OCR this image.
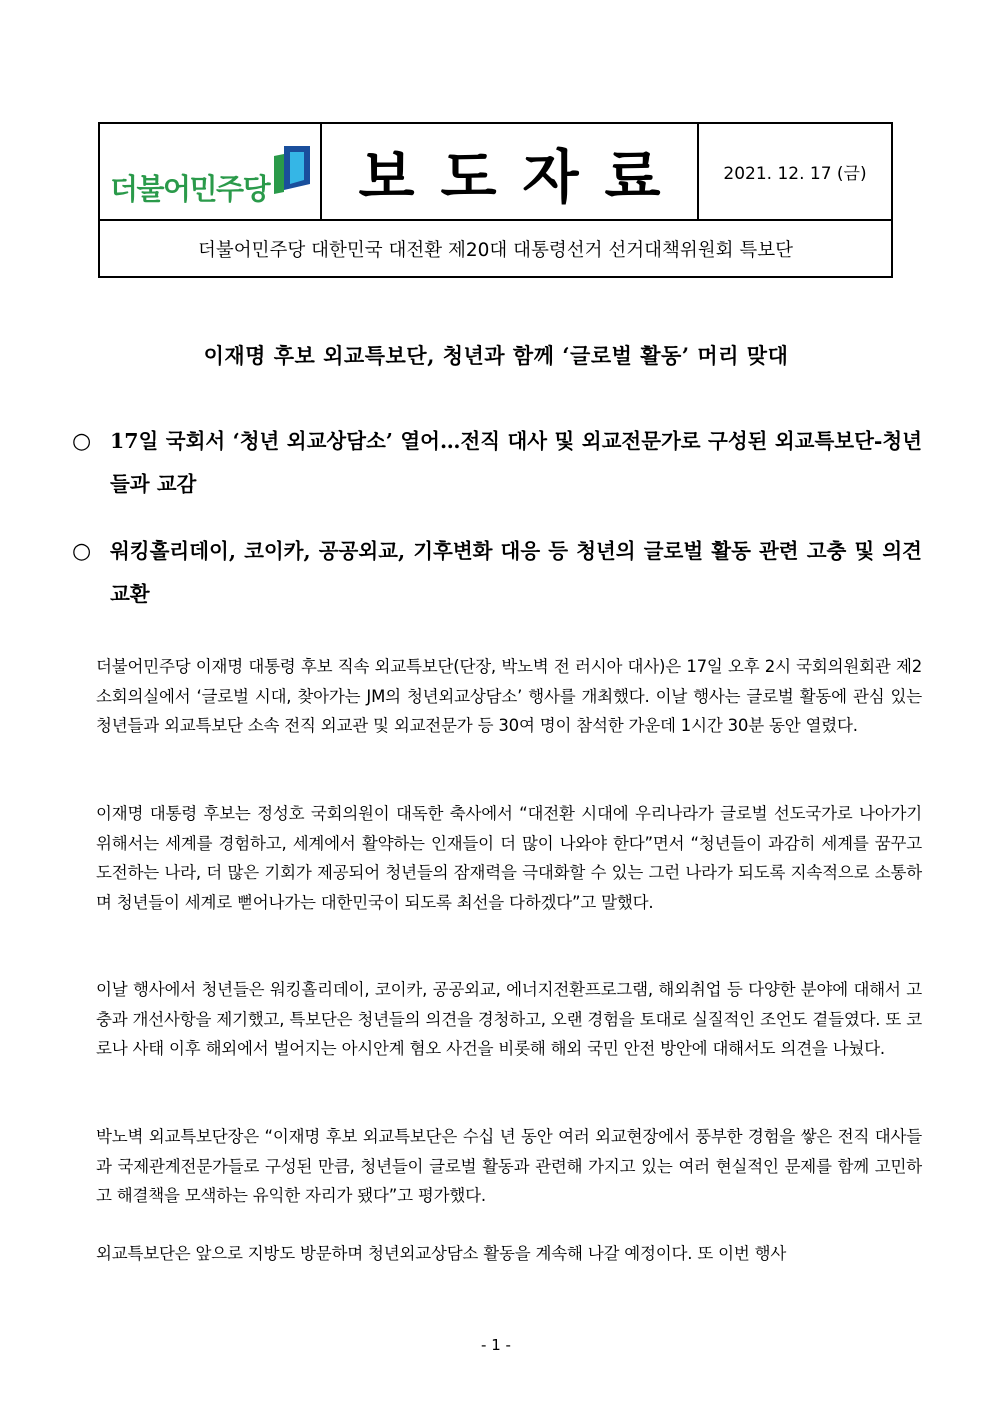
더불어민주당 보도자료	2021. 12. 17 (금)
더불어민주당 대한민국 대전환 제20대 대통령선거 선거대책위원회 특보단
이재명 후보 외교특보단, 청년과 함께 ‘글로벌 활동’ 머리 맞대
○ 17일 국회서 ‘청년 외교상담소’ 열어…전직 대사 및 외교전문가로 구성된 외교특보단-청년들과 교감
○ 워킹홀리데이, 코이카, 공공외교, 기후변화 대응 등 청년의 글로벌 활동 관련 고충 및 의견 교환
더불어민주당 이재명 대통령 후보 직속 외교특보단(단장, 박노벽 전 러시아 대사)은 17일 오후 2시 국회의원회관 제2소회의실에서 ‘글로벌 시대, 찾아가는 JM의 청년외교상담소’ 행사를 개최했다. 이날 행사는 글로벌 활동에 관심 있는 청년들과 외교특보단 소속 전직 외교관 및 외교전문가 등 30여 명이 참석한 가운데 1시간 30분 동안 열렸다.
이재명 대통령 후보는 정성호 국회의원이 대독한 축사에서 “대전환 시대에 우리나라가 글로벌 선도국가로 나아가기 위해서는 세계를 경험하고, 세계에서 활약하는 인재들이 더 많이 나와야 한다”면서 “청년들이 과감히 세계를 꿈꾸고 도전하는 나라, 더 많은 기회가 제공되어 청년들의 잠재력을 극대화할 수 있는 그런 나라가 되도록 지속적으로 소통하며 청년들이 세계로 뻗어나가는 대한민국이 되도록 최선을 다하겠다”고 말했다.
이날 행사에서 청년들은 워킹홀리데이, 코이카, 공공외교, 에너지전환프로그램, 해외취업 등 다양한 분야에 대해서 고충과 개선사항을 제기했고, 특보단은 청년들의 의견을 경청하고, 오랜 경험을 토대로 실질적인 조언도 곁들였다. 또 코로나 사태 이후 해외에서 벌어지는 아시안계 혐오 사건을 비롯해 해외 국민 안전 방안에 대해서도 의견을 나눴다.
박노벽 외교특보단장은 “이재명 후보 외교특보단은 수십 년 동안 여러 외교현장에서 풍부한 경험을 쌓은 전직 대사들과 국제관계전문가들로 구성된 만큼, 청년들이 글로벌 활동과 관련해 가지고 있는 여러 현실적인 문제를 함께 고민하고 해결책을 모색하는 유익한 자리가 됐다”고 평가했다.
외교특보단은 앞으로 지방도 방문하며 청년외교상담소 활동을 계속해 나갈 예정이다. 또 이번 행사
- 1 -
